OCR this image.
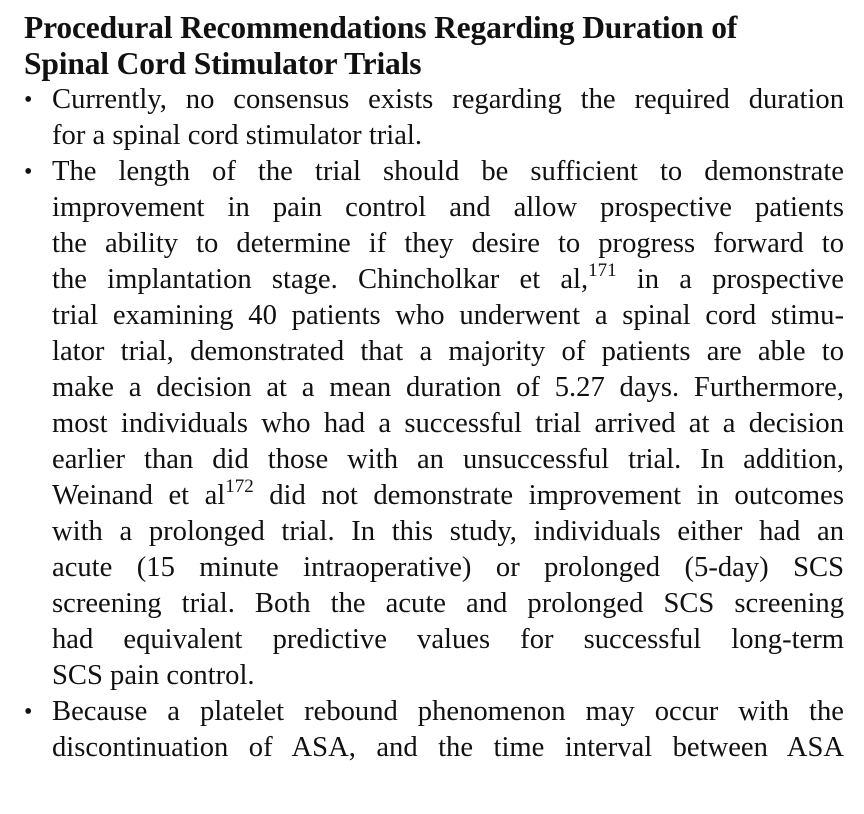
Procedural Recommendations Regarding Duration of
Spinal Cord Stimulator Trials
• Currently, no consensus exists regarding the required duration
for a spinal cord stimulator trial.
• The length of the trial should be sufficient to demonstrate
improvement in pain control and allow prospective patients
the ability to determine if they desire to progress forward to
the implantation stage. Chincholkar et al,$^{171}$ in a prospective
trial examining 40 patients who underwent a spinal cord stimu-
lator trial, demonstrated that a majority of patients are able to
make a decision at a mean duration of 5.27 days. Furthermore,
most individuals who had a successful trial arrived at a decision
earlier than did those with an unsuccessful trial. In addition,
Weinand et $al^{172}$ did not demonstrate improvement in outcomes
with a prolonged trial. In this study, individuals either had an
acute (15 minute intraoperative) or prolonged (5-day) SCS
screening trial. Both the acute and prolonged SCS screening
had equivalent predictive values for successful long-term
SCS pain control.
• Because a platelet rebound phenomenon may occur with the
discontinuation of ASA, and the time interval between ASA
